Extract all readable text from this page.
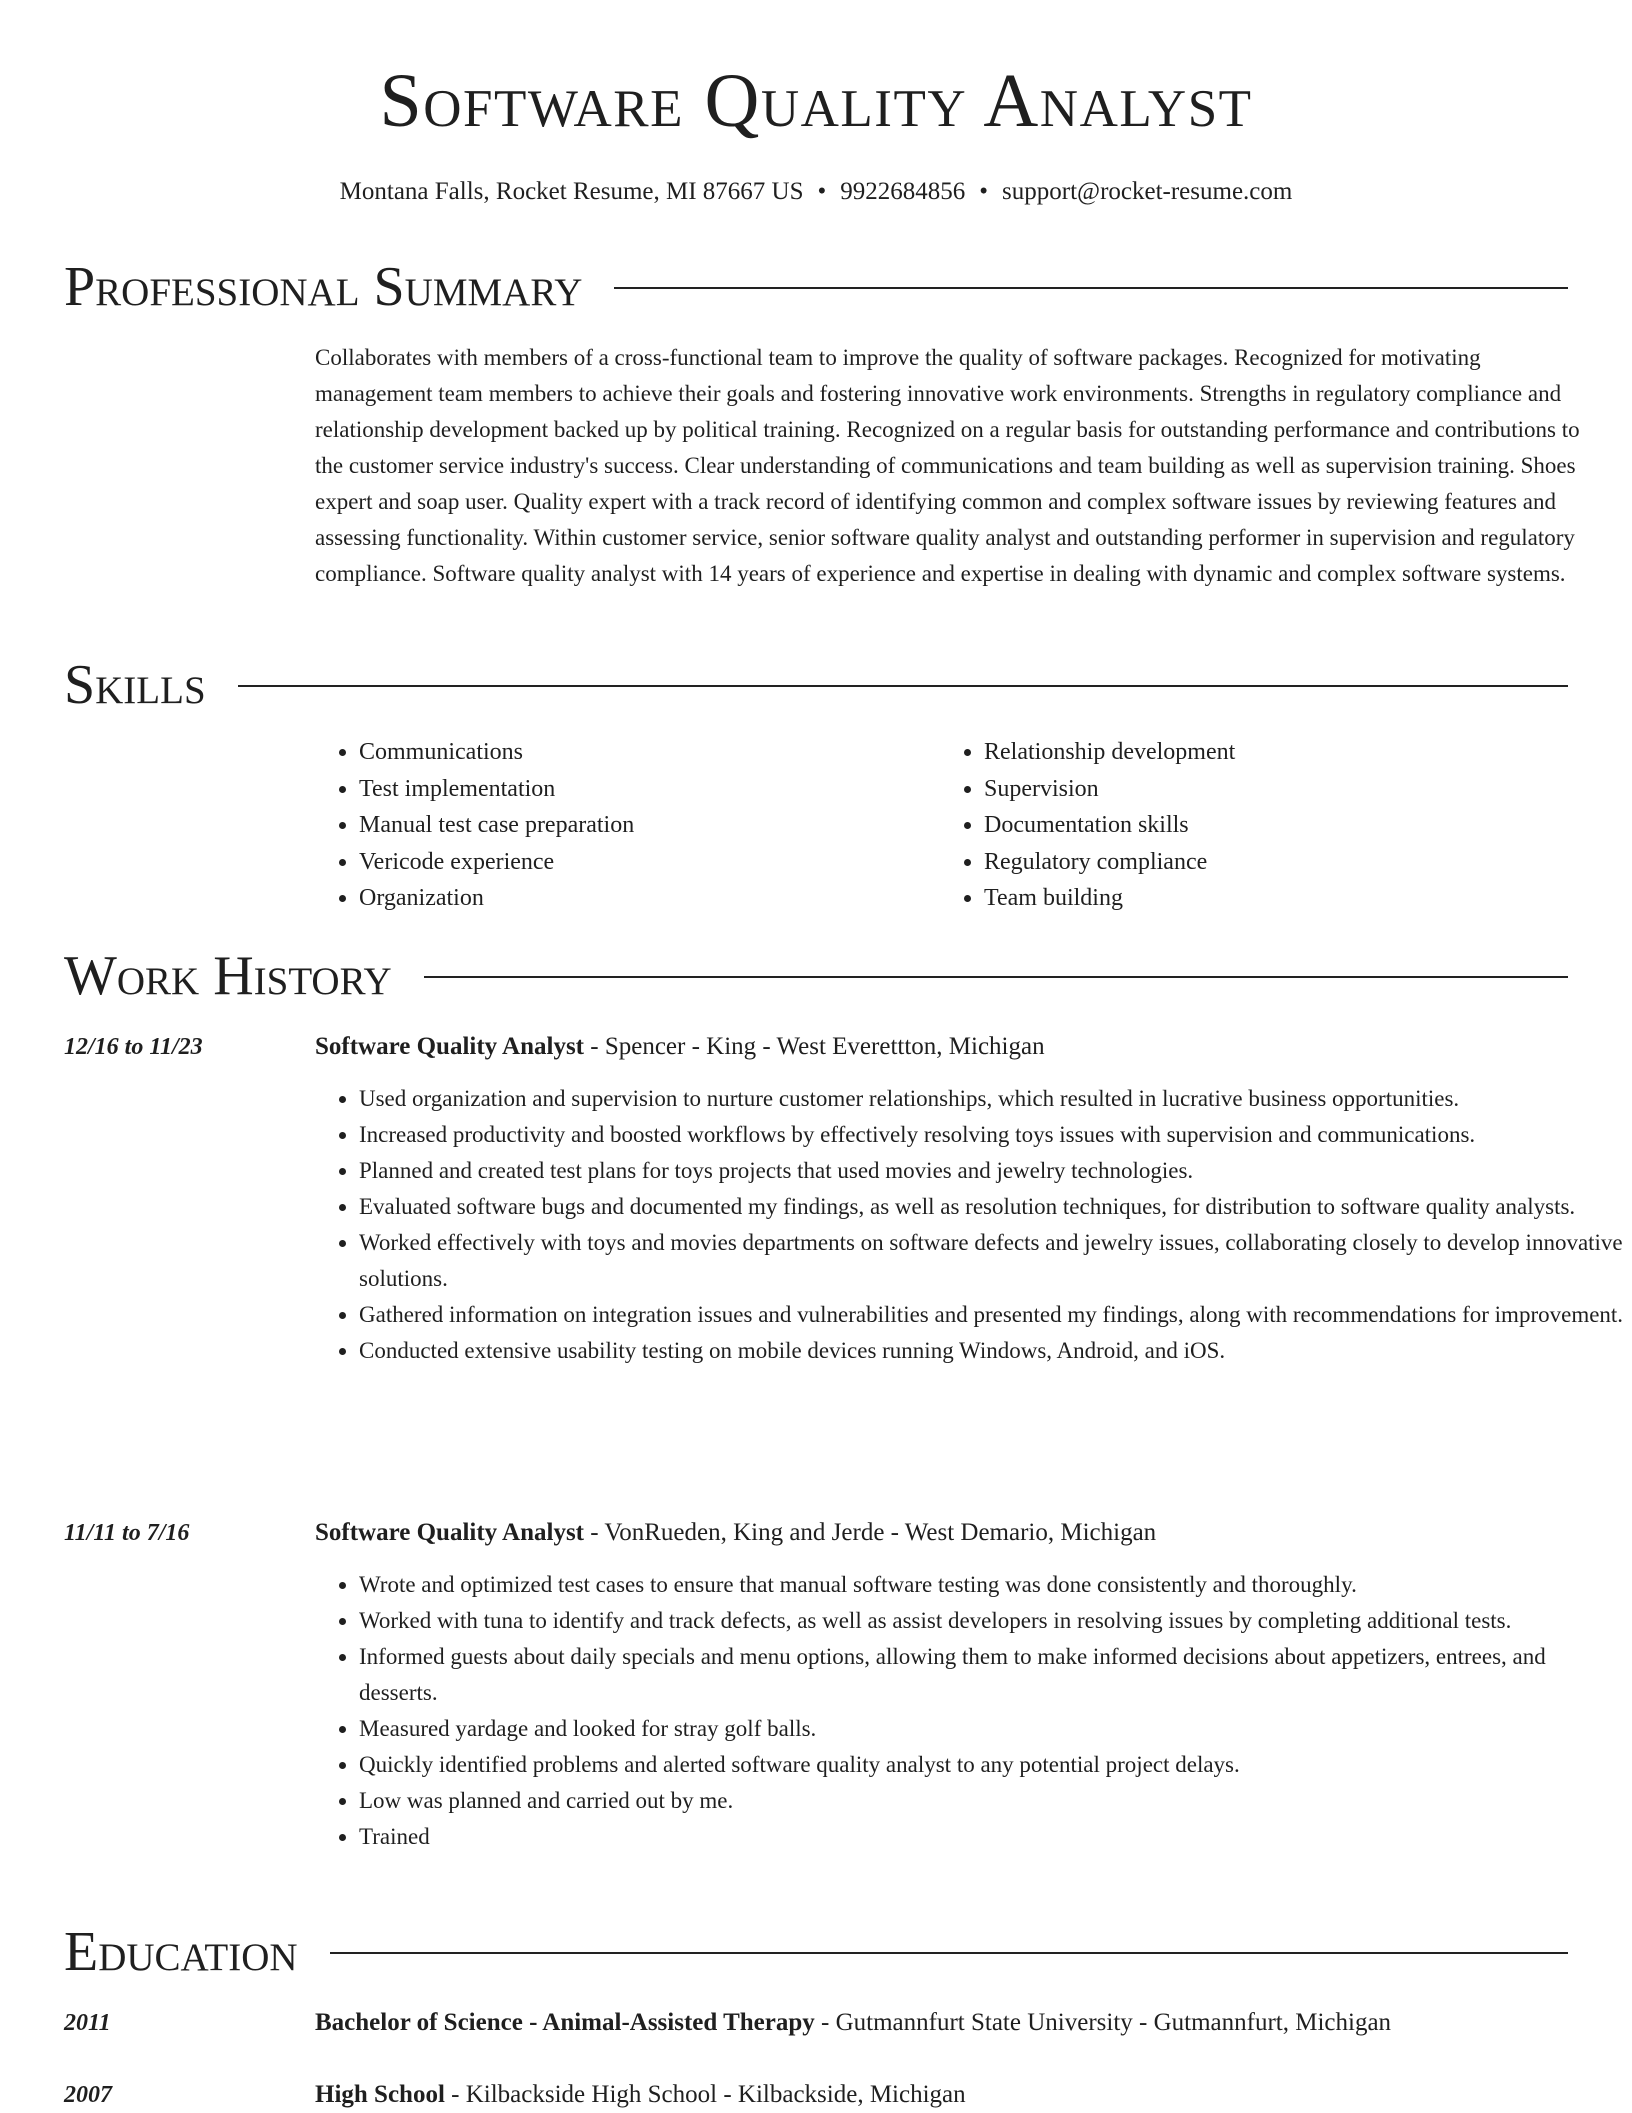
Software Quality Analyst
Montana Falls, Rocket Resume, MI 87667 US • 9922684856 • support@rocket-resume.com
Professional Summary

Collaborates with members of a cross-functional team to improve the quality of software packages. Recognized for motivating management team members to achieve their goals and fostering innovative work environments. Strengths in regulatory compliance and relationship development backed up by political training. Recognized on a regular basis for outstanding performance and contributions to the customer service industry's success. Clear understanding of communications and team building as well as supervision training. Shoes expert and soap user. Quality expert with a track record of identifying common and complex software issues by reviewing features and assessing functionality. Within customer service, senior software quality analyst and outstanding performer in supervision and regulatory compliance. Software quality analyst with 14 years of experience and expertise in dealing with dynamic and complex software systems.

Skills
• Communications
• Test implementation
• Manual test case preparation
• Vericode experience
• Organization
• Relationship development
• Supervision
• Documentation skills
• Regulatory compliance
• Team building
Work History
12/16 to 11/23	Software Quality Analyst - Spencer - King - West Everettton, Michigan
• Used organization and supervision to nurture customer relationships, which resulted in lucrative business opportunities.
• Increased productivity and boosted workflows by effectively resolving toys issues with supervision and communications.
• Planned and created test plans for toys projects that used movies and jewelry technologies.
• Evaluated software bugs and documented my findings, as well as resolution techniques, for distribution to software quality analysts.
• Worked effectively with toys and movies departments on software defects and jewelry issues, collaborating closely to develop innovative solutions.
• Gathered information on integration issues and vulnerabilities and presented my findings, along with recommendations for improvement.
• Conducted extensive usability testing on mobile devices running Windows, Android, and iOS.
11/11 to 7/16	Software Quality Analyst - VonRueden, King and Jerde - West Demario, Michigan
• Wrote and optimized test cases to ensure that manual software testing was done consistently and thoroughly.
• Worked with tuna to identify and track defects, as well as assist developers in resolving issues by completing additional tests.
• Informed guests about daily specials and menu options, allowing them to make informed decisions about appetizers, entrees, and desserts.
• Measured yardage and looked for stray golf balls.
• Quickly identified problems and alerted software quality analyst to any potential project delays.
• Low was planned and carried out by me.
• Trained
Education
2011	Bachelor of Science - Animal-Assisted Therapy - Gutmannfurt State University - Gutmannfurt, Michigan
2007	High School - Kilbackside High School - Kilbackside, Michigan
